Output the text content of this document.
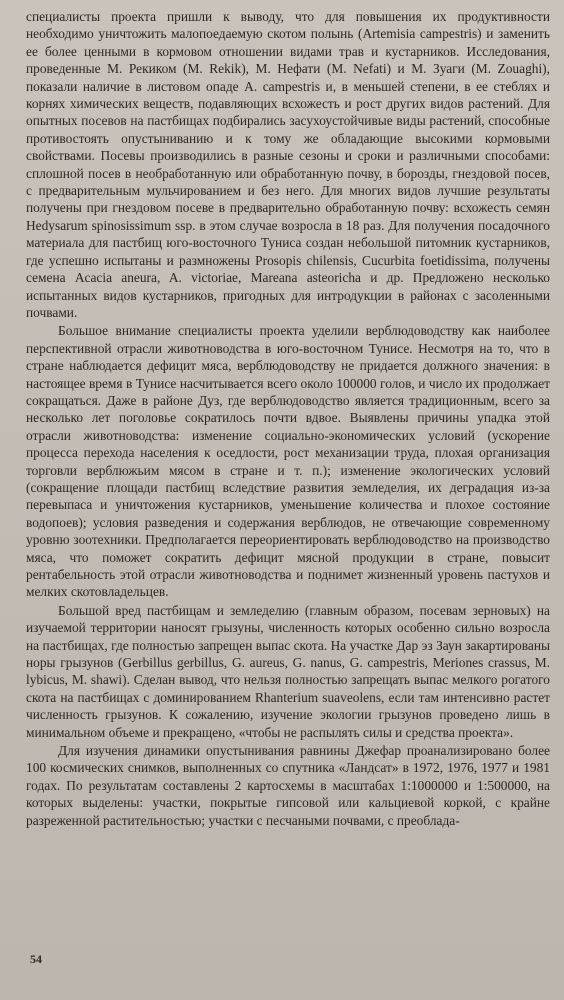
специалисты проекта пришли к выводу, что для повышения их продуктивности необходимо уничтожить малопоедаемую скотом полынь (Artemisia campestris) и заменить ее более ценными в кормовом отношении видами трав и кустарников. Исследования, проведенные М. Рекиком (M. Rekik), М. Нефати (M. Nefati) и М. Зуаги (M. Zouaghi), показали наличие в листовом опаде A. campestris и, в меньшей степени, в ее стеблях и корнях химических веществ, подавляющих всхожесть и рост других видов растений. Для опытных посевов на пастбищах подбирались засухоустойчивые виды растений, способные противостоять опустыниванию и к тому же обладающие высокими кормовыми свойствами. Посевы производились в разные сезоны и сроки и различными способами: сплошной посев в необработанную или обработанную почву, в борозды, гнездовой посев, с предварительным мульчированием и без него. Для многих видов лучшие результаты получены при гнездовом посеве в предварительно обработанную почву: всхожесть семян Hedysarum spinosissimum ssp. в этом случае возросла в 18 раз. Для получения посадочного материала для пастбищ юго-восточного Туниса создан небольшой питомник кустарников, где успешно испытаны и размножены Prosopis chilensis, Cucurbita foetidissima, получены семена Acacia aneura, A. victoriae, Mareana asteoricha и др. Предложено несколько испытанных видов кустарников, пригодных для интродукции в районах с засоленными почвами.

Большое внимание специалисты проекта уделили верблюдоводству как наиболее перспективной отрасли животноводства в юго-восточном Тунисе. Несмотря на то, что в стране наблюдается дефицит мяса, верблюдоводству не придается должного значения: в настоящее время в Тунисе насчитывается всего около 100000 голов, и число их продолжает сокращаться. Даже в районе Дуз, где верблюдоводство является традиционным, всего за несколько лет поголовье сократилось почти вдвое. Выявлены причины упадка этой отрасли животноводства: изменение социально-экономических условий (ускорение процесса перехода населения к оседлости, рост механизации труда, плохая организация торговли верблюжьим мясом в стране и т. п.); изменение экологических условий (сокращение площади пастбищ вследствие развития земледелия, их деградация из-за перевыпаса и уничтожения кустарников, уменьшение количества и плохое состояние водопоев); условия разведения и содержания верблюдов, не отвечающие современному уровню зоотехники. Предполагается переориентировать верблюдоводство на производство мяса, что поможет сократить дефицит мясной продукции в стране, повысит рентабельность этой отрасли животноводства и поднимет жизненный уровень пастухов и мелких скотовладельцев.

Большой вред пастбищам и земледелию (главным образом, посевам зерновых) на изучаемой территории наносят грызуны, численность которых особенно сильно возросла на пастбищах, где полностью запрещен выпас скота. На участке Дар эз Заун закартированы норы грызунов (Gerbillus gerbillus, G. aureus, G. nanus, G. campestris, Meriones crassus, M. lybicus, M. shawi). Сделан вывод, что нельзя полностью запрещать выпас мелкого рогатого скота на пастбищах с доминированием Rhanterium suaveolens, если там интенсивно растет численность грызунов. К сожалению, изучение экологии грызунов проведено лишь в минимальном объеме и прекращено, «чтобы не распылять силы и средства проекта».

Для изучения динамики опустынивания равнины Джефар проанализировано более 100 космических снимков, выполненных со спутника «Ландсат» в 1972, 1976, 1977 и 1981 годах. По результатам составлены 2 картосхемы в масштабах 1:1000000 и 1:500000, на которых выделены: участки, покрытые гипсовой или кальциевой коркой, с крайне разреженной растительностью; участки с песчаными почвами, с преоблада-

54
